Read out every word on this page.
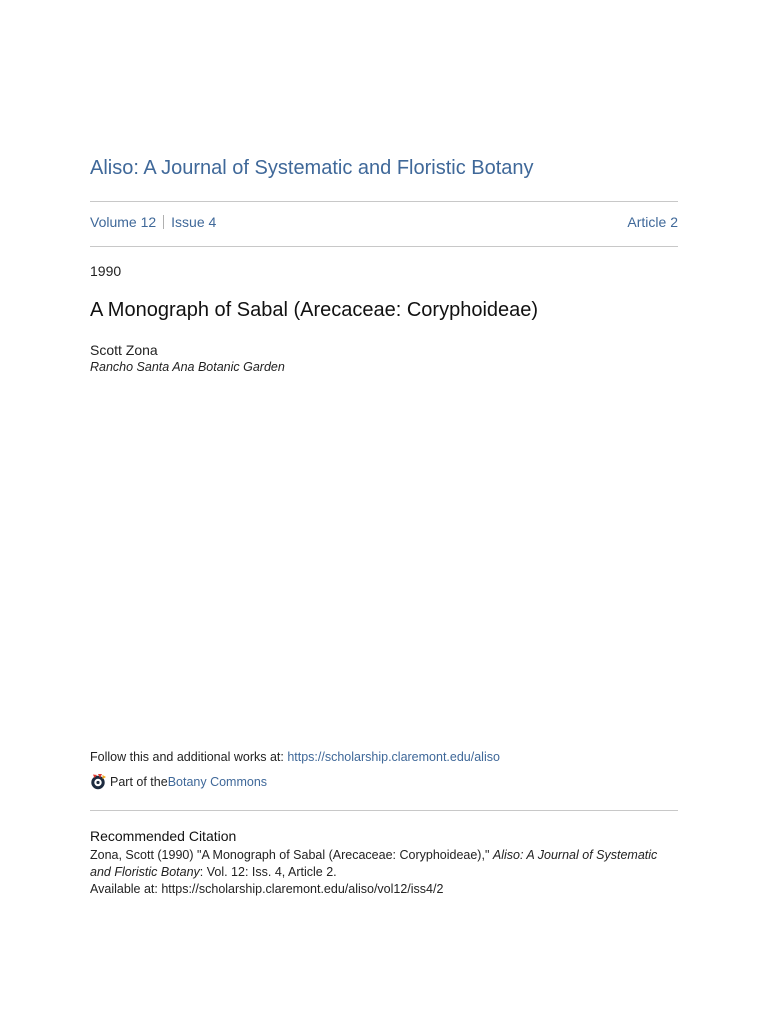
Aliso: A Journal of Systematic and Floristic Botany
Volume 12 Issue 4	Article 2
1990
A Monograph of Sabal (Arecaceae: Coryphoideae)
Scott Zona
Rancho Santa Ana Botanic Garden
Follow this and additional works at: https://scholarship.claremont.edu/aliso
Part of the Botany Commons
Recommended Citation
Zona, Scott (1990) "A Monograph of Sabal (Arecaceae: Coryphoideae)," Aliso: A Journal of Systematic and Floristic Botany: Vol. 12: Iss. 4, Article 2.
Available at: https://scholarship.claremont.edu/aliso/vol12/iss4/2
